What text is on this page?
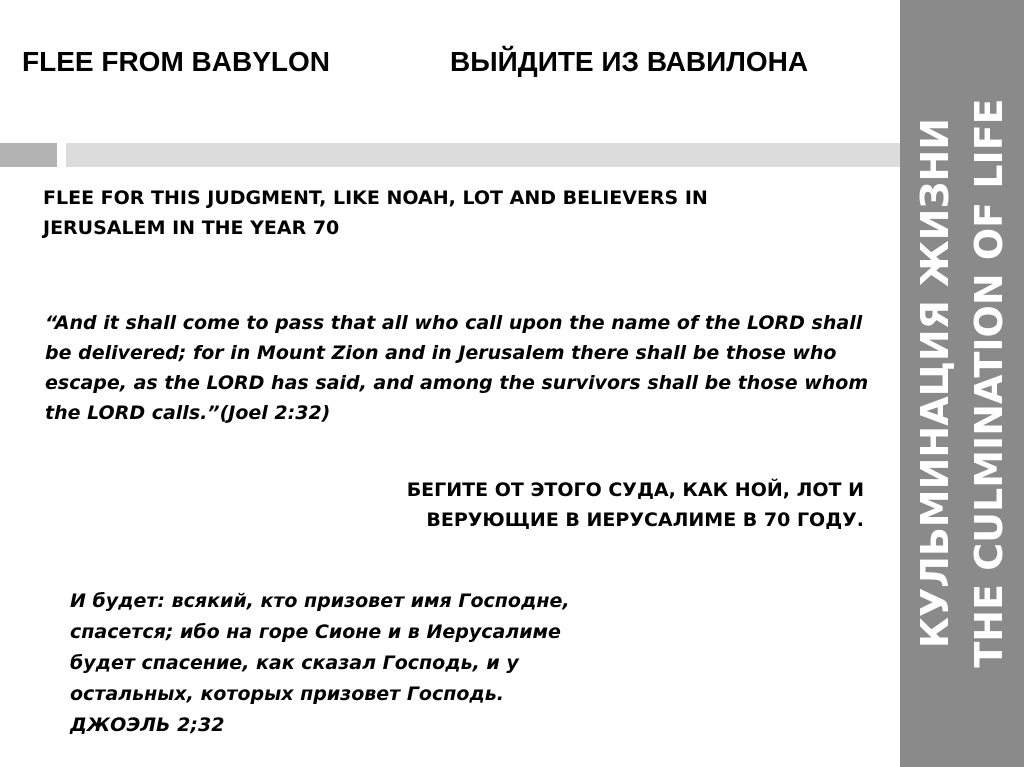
КУЛЬМИНАЦИЯ ЖИЗНИ THE CULMINATION OF LIFE
FLEE FROM BABYLON	ВЫЙДИТЕ ИЗ ВАВИЛОНА
FLEE FOR THIS JUDGMENT, LIKE NOAH, LOT AND BELIEVERS IN
JERUSALEM IN THE YEAR 70
“And it shall come to pass that all who call upon the name of the LORD shall
be delivered; for in Mount Zion and in Jerusalem there shall be those who
escape, as the LORD has said, and among the survivors shall be those whom
the LORD calls.”(Joel 2:32)
БЕГИТЕ ОТ ЭТОГО СУДА, КАК НОЙ, ЛОТ И
ВЕРУЮЩИЕ В ИЕРУСАЛИМЕ В 70 ГОДУ.
И будет: всякий, кто призовет имя Господне,
спасется; ибо на горе Сионе и в Иерусалиме
будет спасение, как сказал Господь, и у
остальных, которых призовет Господь.
ДЖОЭЛЬ 2;32
